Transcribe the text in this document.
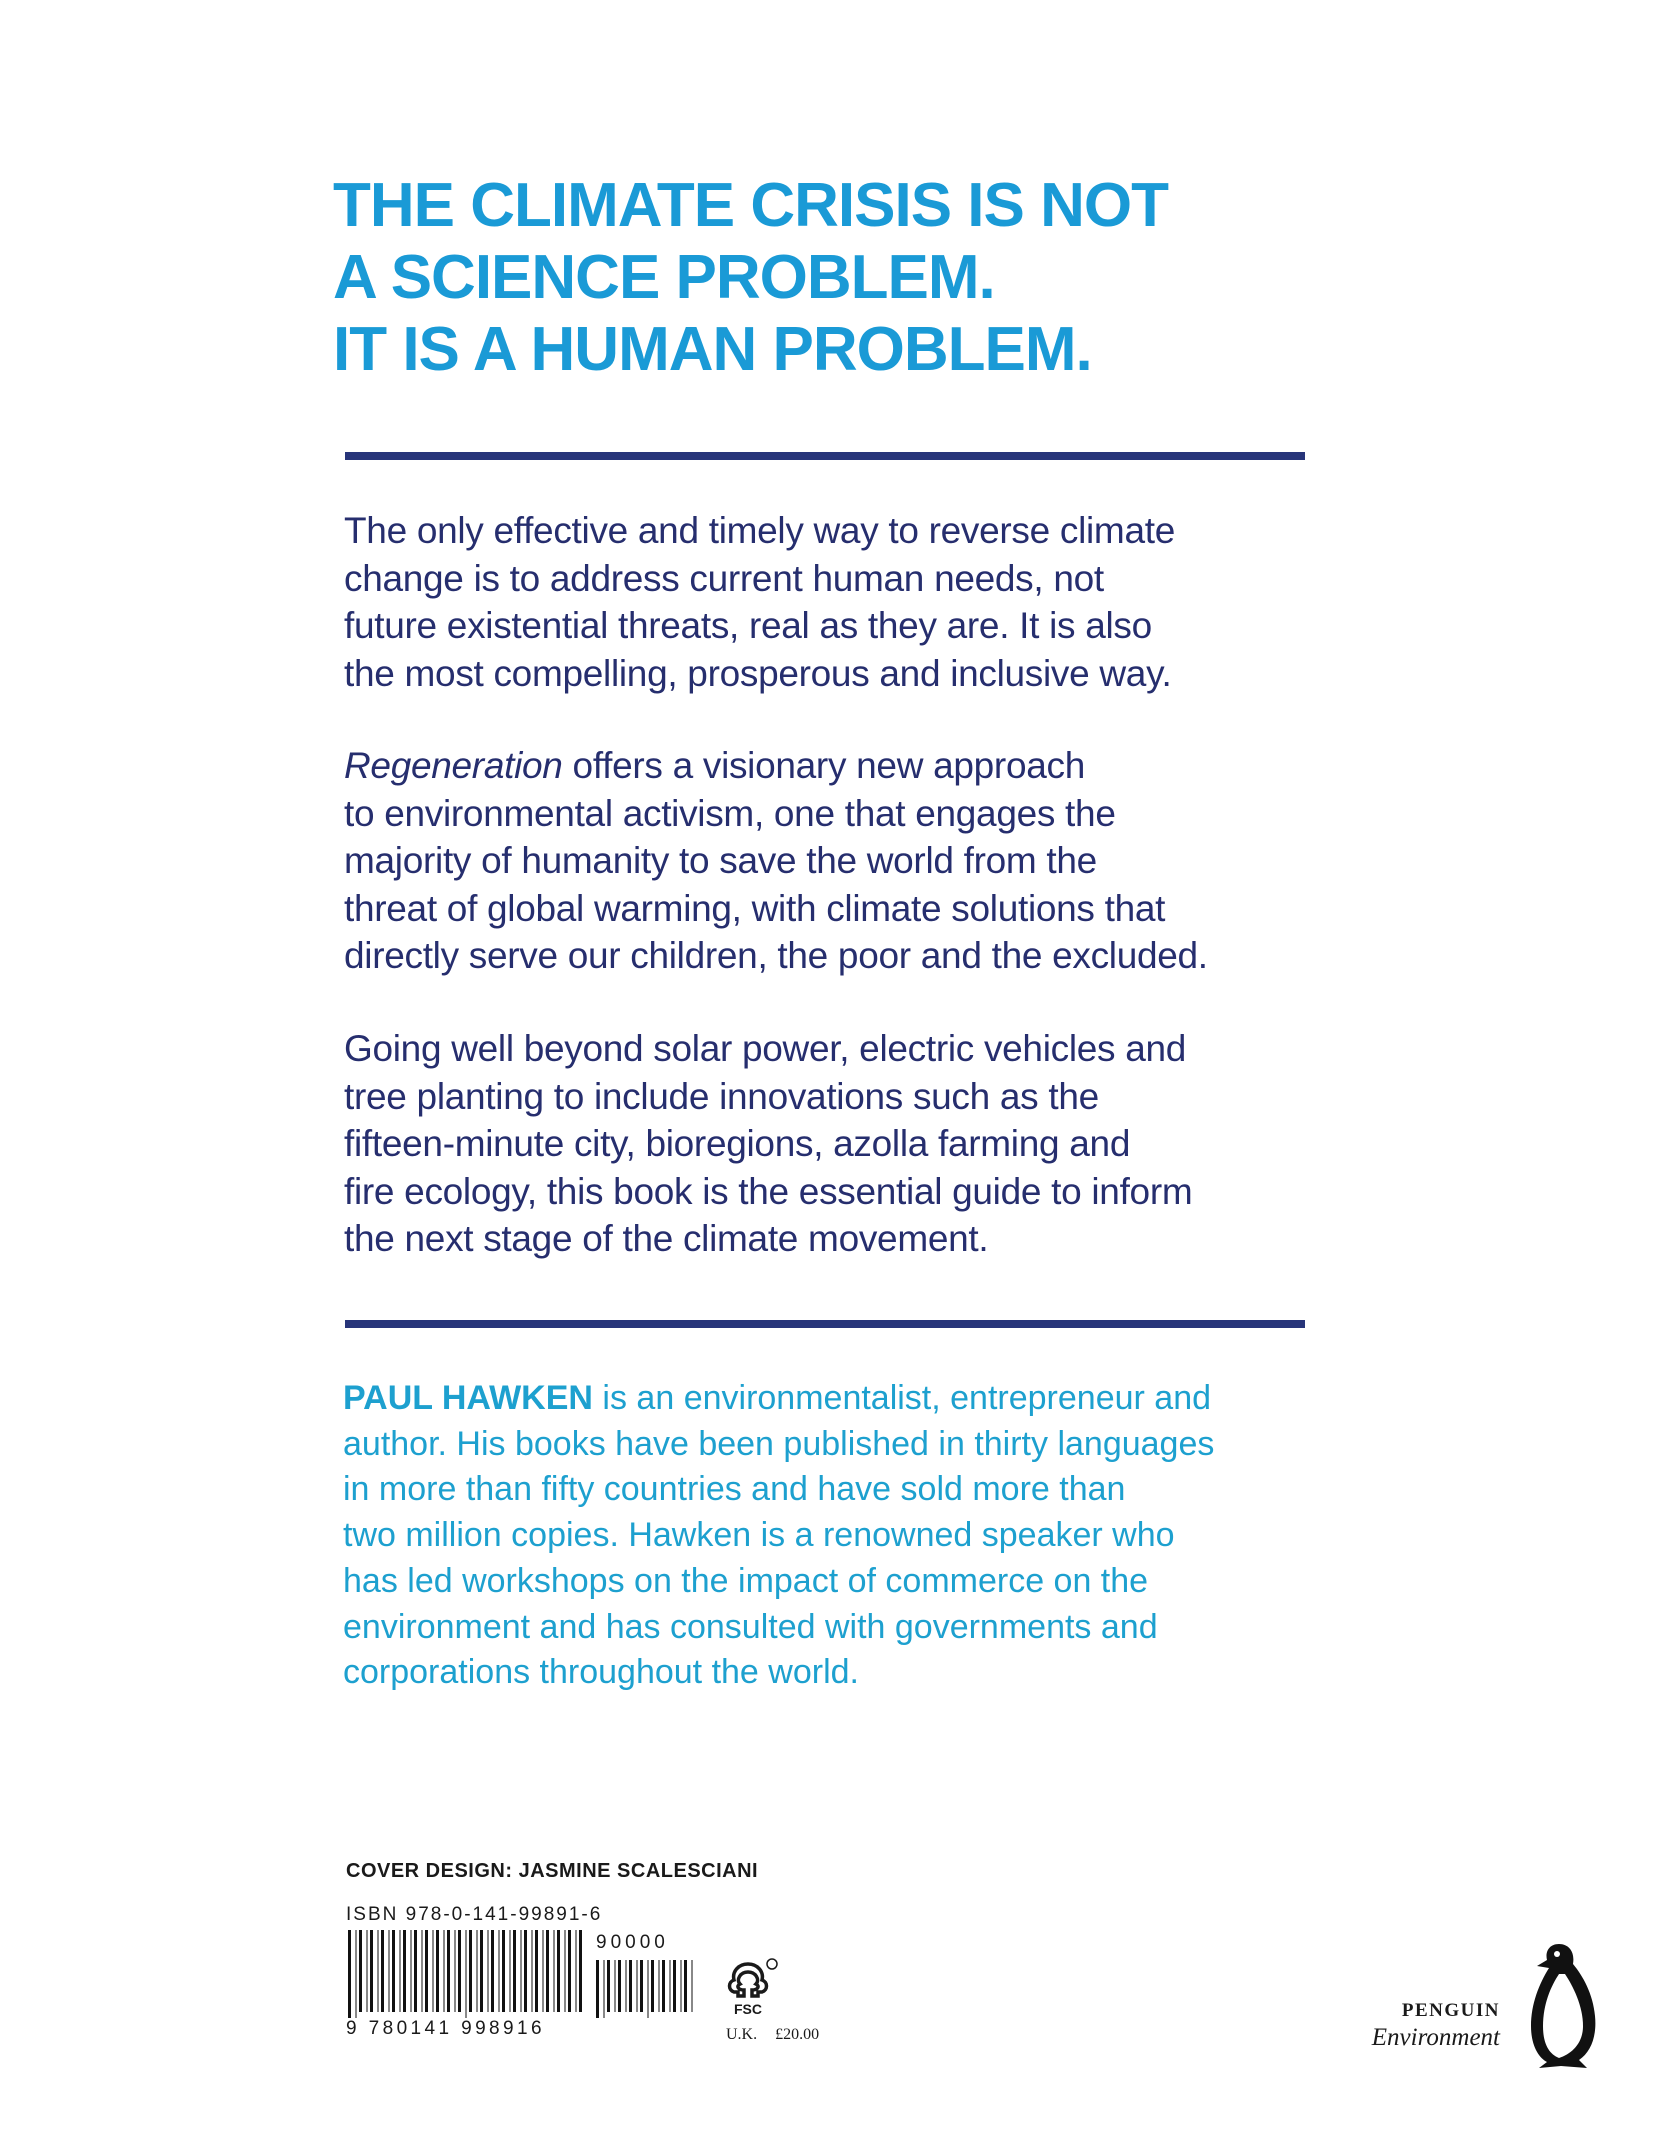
THE CLIMATE CRISIS IS NOT
A SCIENCE PROBLEM.
IT IS A HUMAN PROBLEM.

The only effective and timely way to reverse climate
change is to address current human needs, not
future existential threats, real as they are. It is also
the most compelling, prosperous and inclusive way.

Regeneration offers a visionary new approach
to environmental activism, one that engages the
majority of humanity to save the world from the
threat of global warming, with climate solutions that
directly serve our children, the poor and the excluded.

Going well beyond solar power, electric vehicles and
tree planting to include innovations such as the
fifteen-minute city, bioregions, azolla farming and
fire ecology, this book is the essential guide to inform
the next stage of the climate movement.

PAUL HAWKEN is an environmentalist, entrepreneur and
author. His books have been published in thirty languages
in more than fifty countries and have sold more than
two million copies. Hawken is a renowned speaker who
has led workshops on the impact of commerce on the
environment and has consulted with governments and
corporations throughout the world.

COVER DESIGN: JASMINE SCALESCIANI
ISBN 978-0-141-99891-6
90000
9 780141 998916
FSC
U.K. £20.00
PENGUIN
Environment
